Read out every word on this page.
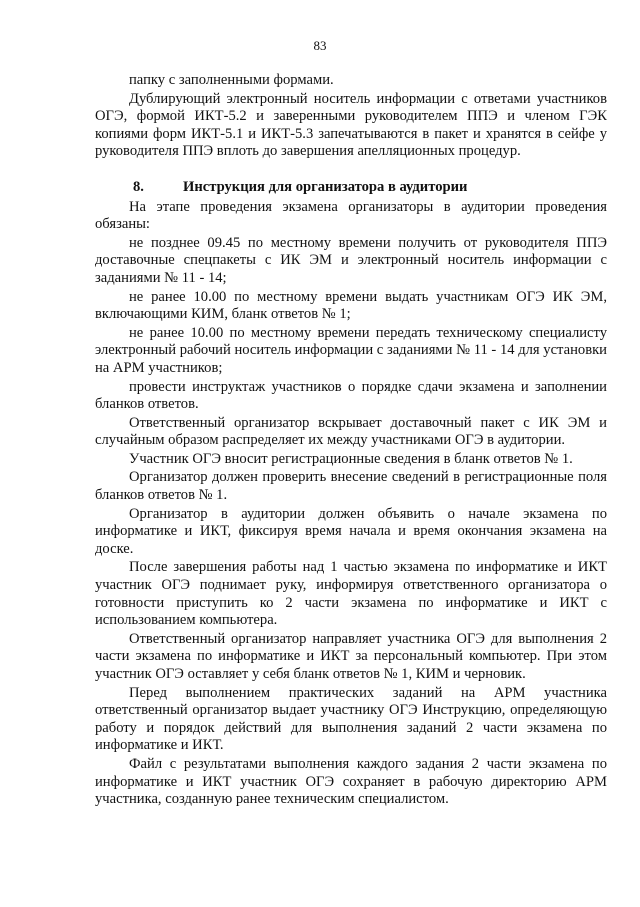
83

папку с заполненными формами.

Дублирующий электронный носитель информации с ответами участников ОГЭ, формой ИКТ-5.2 и заверенными руководителем ППЭ и членом ГЭК копиями форм ИКТ-5.1 и ИКТ-5.3 запечатываются в пакет и хранятся в сейфе у руководителя ППЭ вплоть до завершения апелляционных процедур.

8.	Инструкция для организатора в аудитории

На этапе проведения экзамена организаторы в аудитории проведения обязаны:

не позднее 09.45 по местному времени получить от руководителя ППЭ доставочные спецпакеты с ИК ЭМ и электронный носитель информации с заданиями № 11 - 14;

не ранее 10.00 по местному времени выдать участникам ОГЭ ИК ЭМ, включающими КИМ, бланк ответов № 1;

не ранее 10.00 по местному времени передать техническому специалисту электронный рабочий носитель информации с заданиями № 11 - 14 для установки на АРМ участников;

провести инструктаж участников о порядке сдачи экзамена и заполнении бланков ответов.

Ответственный организатор вскрывает доставочный пакет с ИК ЭМ и случайным образом распределяет их между участниками ОГЭ в аудитории.

Участник ОГЭ вносит регистрационные сведения в бланк ответов № 1.

Организатор должен проверить внесение сведений в регистрационные поля бланков ответов № 1.

Организатор в аудитории должен объявить о начале экзамена по информатике и ИКТ, фиксируя время начала и время окончания экзамена на доске.

После завершения работы над 1 частью экзамена по информатике и ИКТ участник ОГЭ поднимает руку, информируя ответственного организатора о готовности приступить ко 2 части экзамена по информатике и ИКТ с использованием компьютера.

Ответственный организатор направляет участника ОГЭ для выполнения 2 части экзамена по информатике и ИКТ за персональный компьютер. При этом участник ОГЭ оставляет у себя бланк ответов № 1, КИМ и черновик.

Перед выполнением практических заданий на АРМ участника ответственный организатор выдает участнику ОГЭ Инструкцию, определяющую работу и порядок действий для выполнения заданий 2 части экзамена по информатике и ИКТ.

Файл с результатами выполнения каждого задания 2 части экзамена по информатике и ИКТ участник ОГЭ сохраняет в рабочую директорию АРМ участника, созданную ранее техническим специалистом.
